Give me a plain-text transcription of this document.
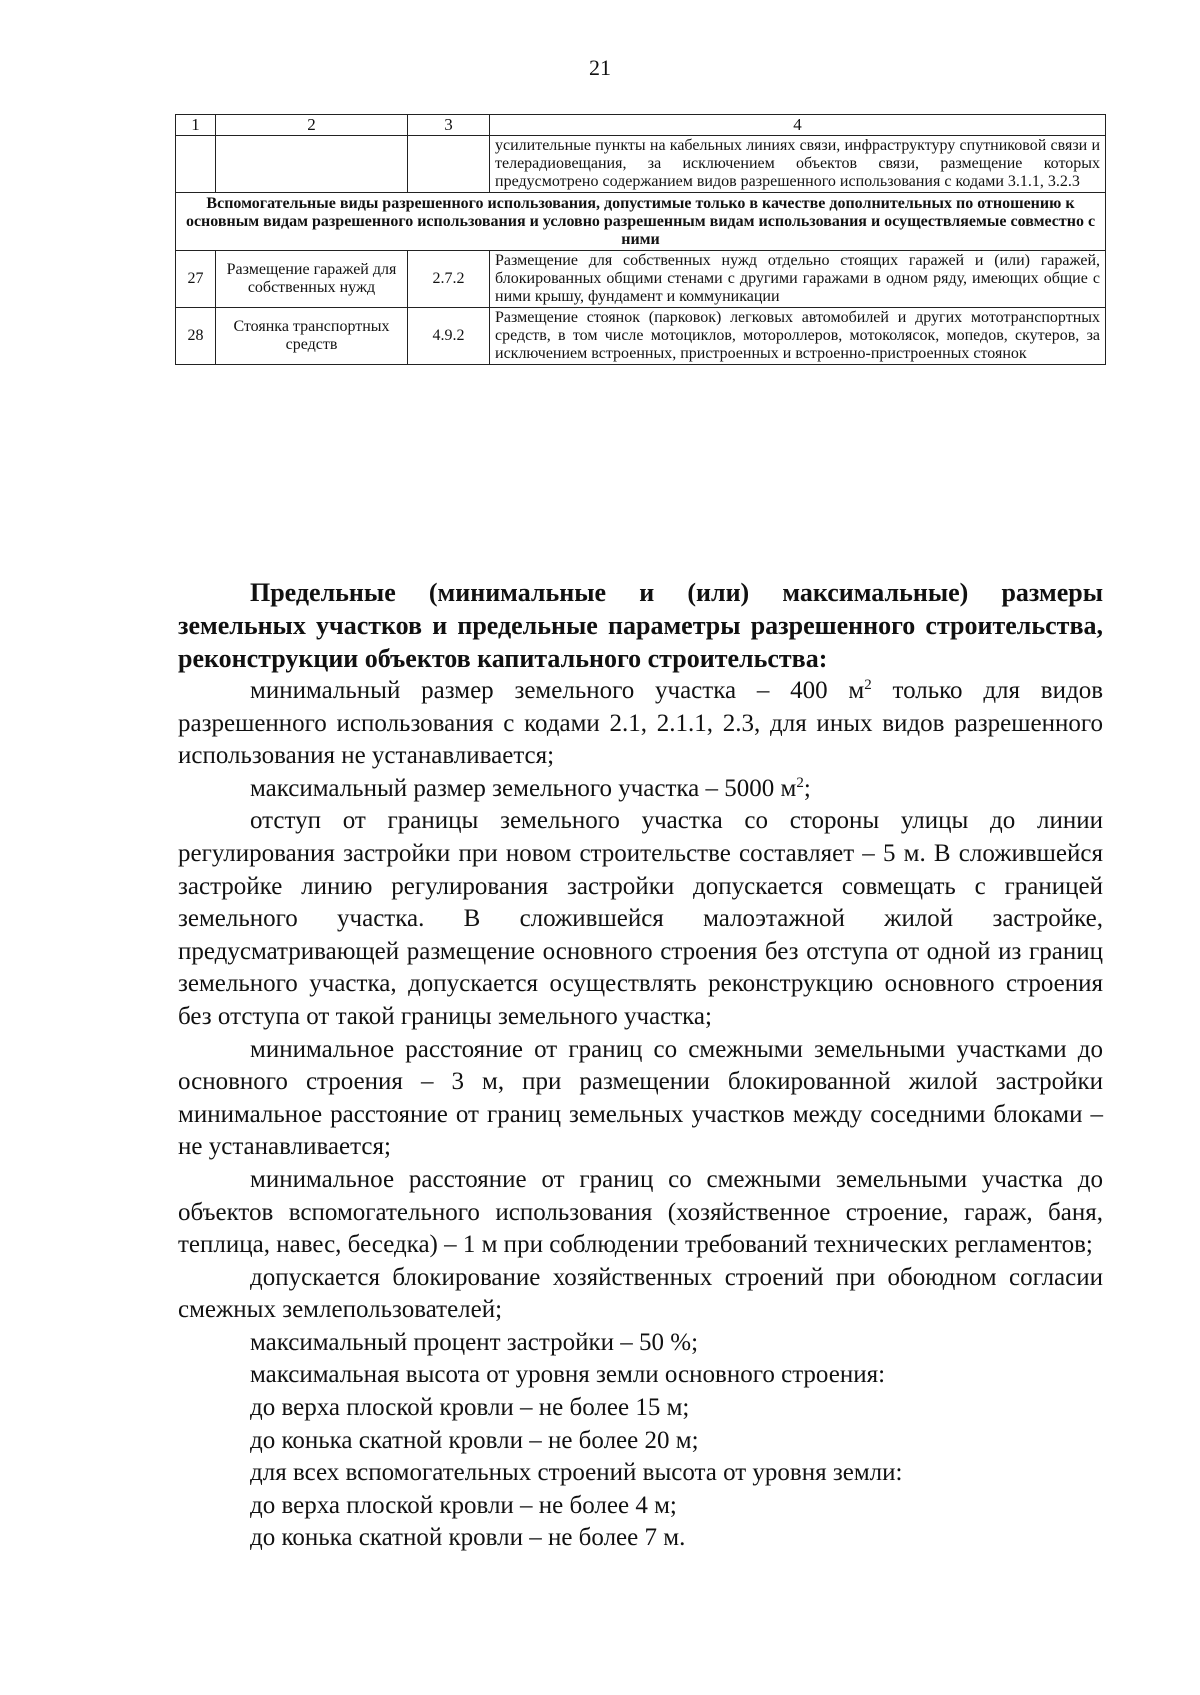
21
1	2	3	4
			усилительные пункты на кабельных линиях связи, инфраструктуру спутниковой связи и телерадиовещания, за исключением объектов связи, размещение которых предусмотрено содержанием видов разрешенного использования с кодами 3.1.1, 3.2.3
Вспомогательные виды разрешенного использования, допустимые только в качестве дополнительных по отношению к основным видам разрешенного использования и условно разрешенным видам использования и осуществляемые совместно с ними			
27	Размещение гаражей для собственных нужд	2.7.2	Размещение для собственных нужд отдельно стоящих гаражей и (или) гаражей, блокированных общими стенами с другими гаражами в одном ряду, имеющих общие с ними крышу, фундамент и коммуникации
28	Стоянка транспортных средств	4.9.2	Размещение стоянок (парковок) легковых автомобилей и других мототранспортных средств, в том числе мотоциклов, мотороллеров, мотоколясок, мопедов, скутеров, за исключением встроенных, пристроенных и встроенно-пристроенных стоянок

Предельные (минимальные и (или) максимальные) размеры земельных участков и предельные параметры разрешенного строительства, реконструкции объектов капитального строительства:

минимальный размер земельного участка – 400 $м^2$ только для видов разрешенного использования с кодами 2.1, 2.1.1, 2.3, для иных видов разрешенного использования не устанавливается;

максимальный размер земельного участка – 5000 $м^2$;

отступ от границы земельного участка со стороны улицы до линии регулирования застройки при новом строительстве составляет – 5 м. В сложившейся застройке линию регулирования застройки допускается совмещать с границей земельного участка. В сложившейся малоэтажной жилой застройке, предусматривающей размещение основного строения без отступа от одной из границ земельного участка, допускается осуществлять реконструкцию основного строения без отступа от такой границы земельного участка;

минимальное расстояние от границ со смежными земельными участками до основного строения – 3 м, при размещении блокированной жилой застройки минимальное расстояние от границ земельных участков между соседними блоками – не устанавливается;

минимальное расстояние от границ со смежными земельными участка до объектов вспомогательного использования (хозяйственное строение, гараж, баня, теплица, навес, беседка) – 1 м при соблюдении требований технических регламентов;

допускается блокирование хозяйственных строений при обоюдном согласии смежных землепользователей;

максимальный процент застройки – 50 %;

максимальная высота от уровня земли основного строения:

до верха плоской кровли – не более 15 м;

до конька скатной кровли – не более 20 м;

для всех вспомогательных строений высота от уровня земли:

до верха плоской кровли – не более 4 м;

до конька скатной кровли – не более 7 м.
